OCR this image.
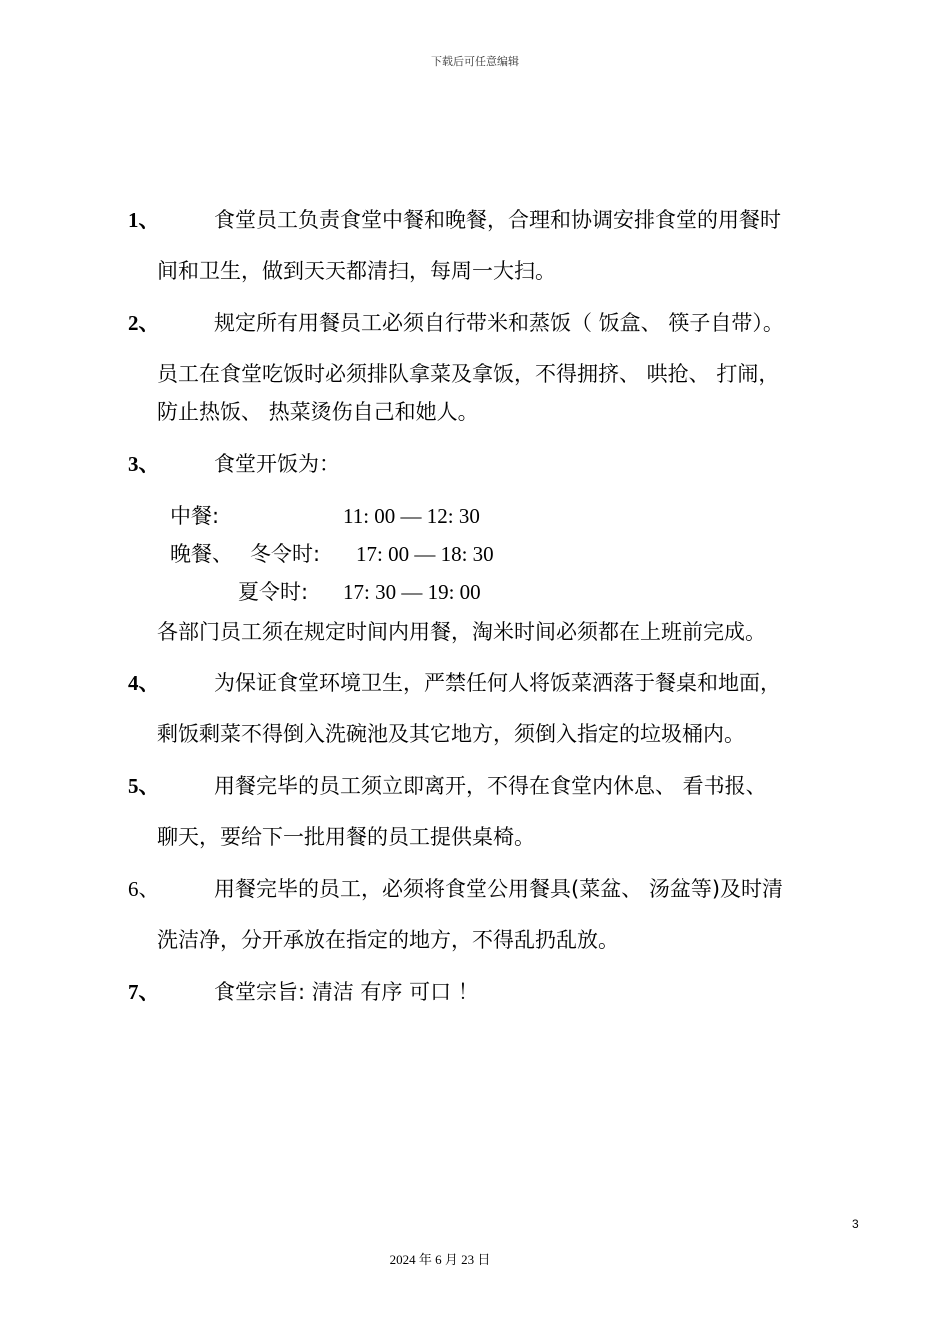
下载后可任意编辑
1、	食堂员工负责食堂中餐和晚餐，合理和协调安排食堂的用餐时
间和卫生，做到天天都清扫，每周一大扫。
2、	规定所有用餐员工必须自行带米和蒸饭（ 饭盒、 筷子自带）。
员工在食堂吃饭时必须排队拿菜及拿饭，不得拥挤、 哄抢、 打闹，
防止热饭、 热菜烫伤自己和她人。
3、	食堂开饭为：
中餐:	11: 00 — 12: 30
晚餐、 冬令时: 17: 00 — 18: 30
夏令时: 17: 30 — 19: 00
各部门员工须在规定时间内用餐，淘米时间必须都在上班前完成。
4、	为保证食堂环境卫生，严禁任何人将饭菜洒落于餐桌和地面，
剩饭剩菜不得倒入洗碗池及其它地方，须倒入指定的垃圾桶内。
5、	用餐完毕的员工须立即离开，不得在食堂内休息、 看书报、
聊天，要给下一批用餐的员工提供桌椅。
6、	用餐完毕的员工，必须将食堂公用餐具(菜盆、 汤盆等)及时清
洗洁净，分开承放在指定的地方，不得乱扔乱放。
7、	食堂宗旨: 清洁 有序 可口 ！
3
2024 年 6 月 23 日
